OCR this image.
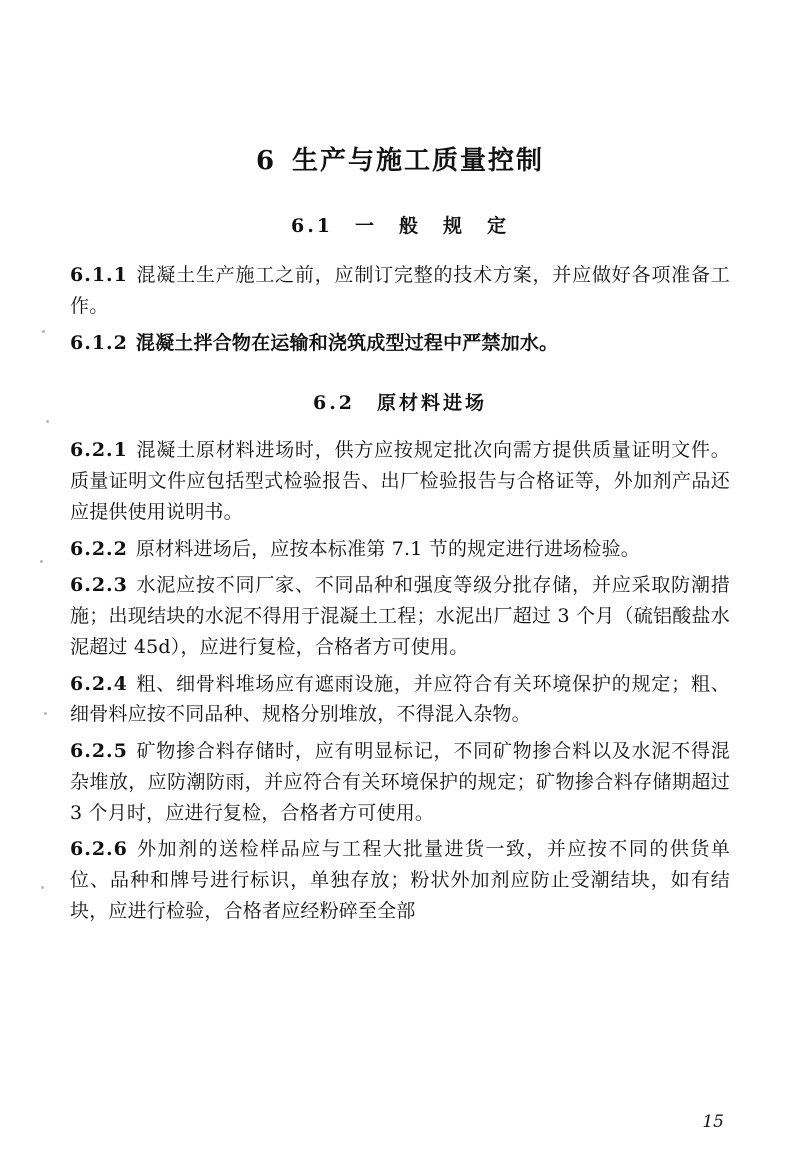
6 生产与施工质量控制
6.1　一　般　规　定

6.1.1 混凝土生产施工之前，应制订完整的技术方案，并应做好各项准备工作。

6.1.2 混凝土拌合物在运输和浇筑成型过程中严禁加水。

6.2　原材料进场

6.2.1 混凝土原材料进场时，供方应按规定批次向需方提供质量证明文件。质量证明文件应包括型式检验报告、出厂检验报告与合格证等，外加剂产品还应提供使用说明书。

6.2.2 原材料进场后，应按本标准第 7.1 节的规定进行进场检验。

6.2.3 水泥应按不同厂家、不同品种和强度等级分批存储，并应采取防潮措施；出现结块的水泥不得用于混凝土工程；水泥出厂超过 3 个月（硫铝酸盐水泥超过 45d），应进行复检，合格者方可使用。

6.2.4 粗、细骨料堆场应有遮雨设施，并应符合有关环境保护的规定；粗、细骨料应按不同品种、规格分别堆放，不得混入杂物。

6.2.5 矿物掺合料存储时，应有明显标记，不同矿物掺合料以及水泥不得混杂堆放，应防潮防雨，并应符合有关环境保护的规定；矿物掺合料存储期超过 3 个月时，应进行复检，合格者方可使用。

6.2.6 外加剂的送检样品应与工程大批量进货一致，并应按不同的供货单位、品种和牌号进行标识，单独存放；粉状外加剂应防止受潮结块，如有结块，应进行检验，合格者应经粉碎至全部

15
